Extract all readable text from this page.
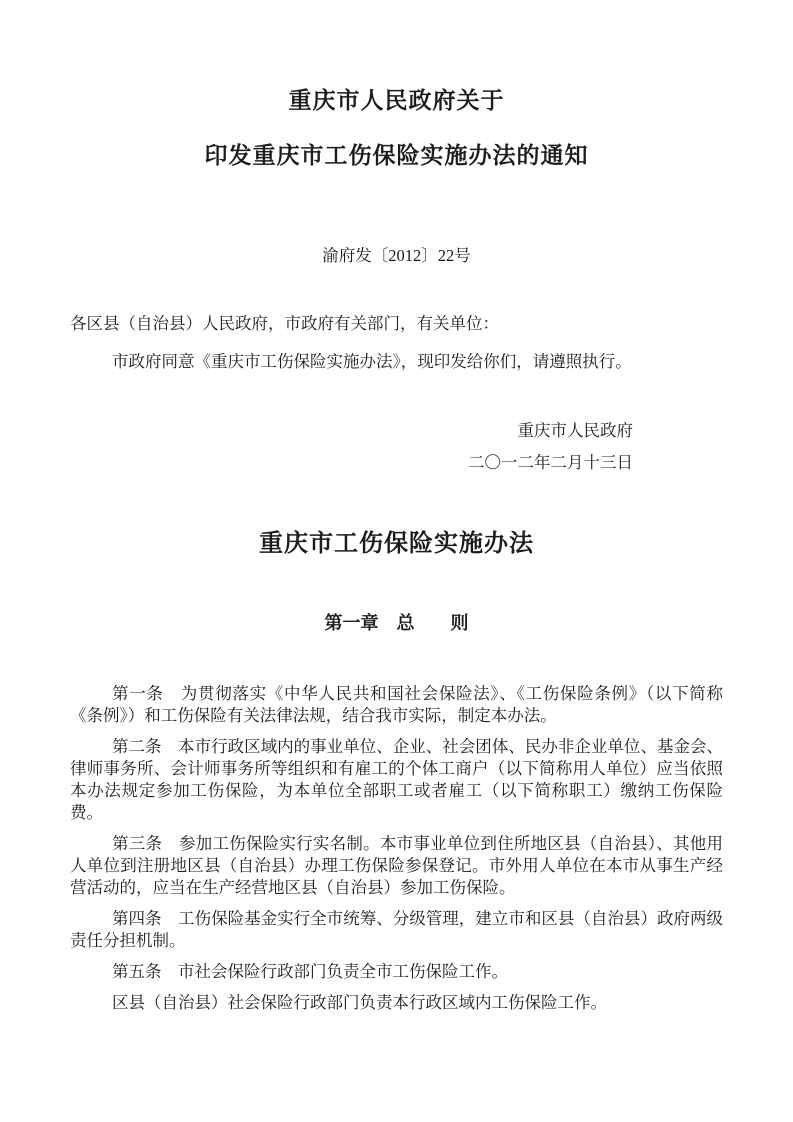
重庆市人民政府关于
印发重庆市工伤保险实施办法的通知
渝府发〔2012〕22号
各区县（自治县）人民政府，市政府有关部门，有关单位：
市政府同意《重庆市工伤保险实施办法》，现印发给你们，请遵照执行。
重庆市人民政府
二〇一二年二月十三日
重庆市工伤保险实施办法
第一章　总　　则

第一条　为贯彻落实《中华人民共和国社会保险法》、《工伤保险条例》（以下简称《条例》）和工伤保险有关法律法规，结合我市实际，制定本办法。

第二条　本市行政区域内的事业单位、企业、社会团体、民办非企业单位、基金会、律师事务所、会计师事务所等组织和有雇工的个体工商户（以下简称用人单位）应当依照本办法规定参加工伤保险，为本单位全部职工或者雇工（以下简称职工）缴纳工伤保险费。

第三条　参加工伤保险实行实名制。本市事业单位到住所地区县（自治县）、其他用人单位到注册地区县（自治县）办理工伤保险参保登记。市外用人单位在本市从事生产经营活动的，应当在生产经营地区县（自治县）参加工伤保险。

第四条　工伤保险基金实行全市统筹、分级管理，建立市和区县（自治县）政府两级责任分担机制。

第五条　市社会保险行政部门负责全市工伤保险工作。

区县（自治县）社会保险行政部门负责本行政区域内工伤保险工作。
